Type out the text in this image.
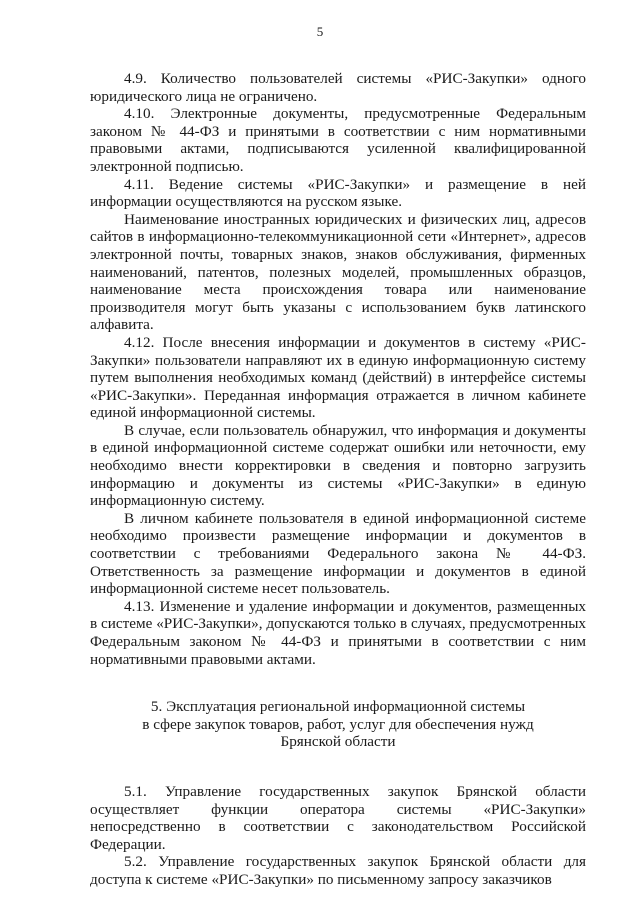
5

4.9. Количество пользователей системы «РИС-Закупки» одного юридического лица не ограничено.

4.10. Электронные документы, предусмотренные Федеральным законом № 44-ФЗ и принятыми в соответствии с ним нормативными правовыми актами, подписываются усиленной квалифицированной электронной подписью.

4.11. Ведение системы «РИС-Закупки» и размещение в ней информации осуществляются на русском языке.

Наименование иностранных юридических и физических лиц, адресов сайтов в информационно-телекоммуникационной сети «Интернет», адресов электронной почты, товарных знаков, знаков обслуживания, фирменных наименований, патентов, полезных моделей, промышленных образцов, наименование места происхождения товара или наименование производителя могут быть указаны с использованием букв латинского алфавита.

4.12. После внесения информации и документов в систему «РИС-Закупки» пользователи направляют их в единую информационную систему путем выполнения необходимых команд (действий) в интерфейсе системы «РИС-Закупки». Переданная информация отражается в личном кабинете единой информационной системы.

В случае, если пользователь обнаружил, что информация и документы в единой информационной системе содержат ошибки или неточности, ему необходимо внести корректировки в сведения и повторно загрузить информацию и документы из системы «РИС-Закупки» в единую информационную систему.

В личном кабинете пользователя в единой информационной системе необходимо произвести размещение информации и документов в соответствии с требованиями Федерального закона № 44-ФЗ. Ответственность за размещение информации и документов в единой информационной системе несет пользователь.

4.13. Изменение и удаление информации и документов, размещенных в системе «РИС-Закупки», допускаются только в случаях, предусмотренных Федеральным законом № 44-ФЗ и принятыми в соответствии с ним нормативными правовыми актами.

5. Эксплуатация региональной информационной системы
в сфере закупок товаров, работ, услуг для обеспечения нужд
Брянской области

5.1. Управление государственных закупок Брянской области осуществляет функции оператора системы «РИС-Закупки» непосредственно в соответствии с законодательством Российской Федерации.

5.2. Управление государственных закупок Брянской области для доступа к системе «РИС-Закупки» по письменному запросу заказчиков
